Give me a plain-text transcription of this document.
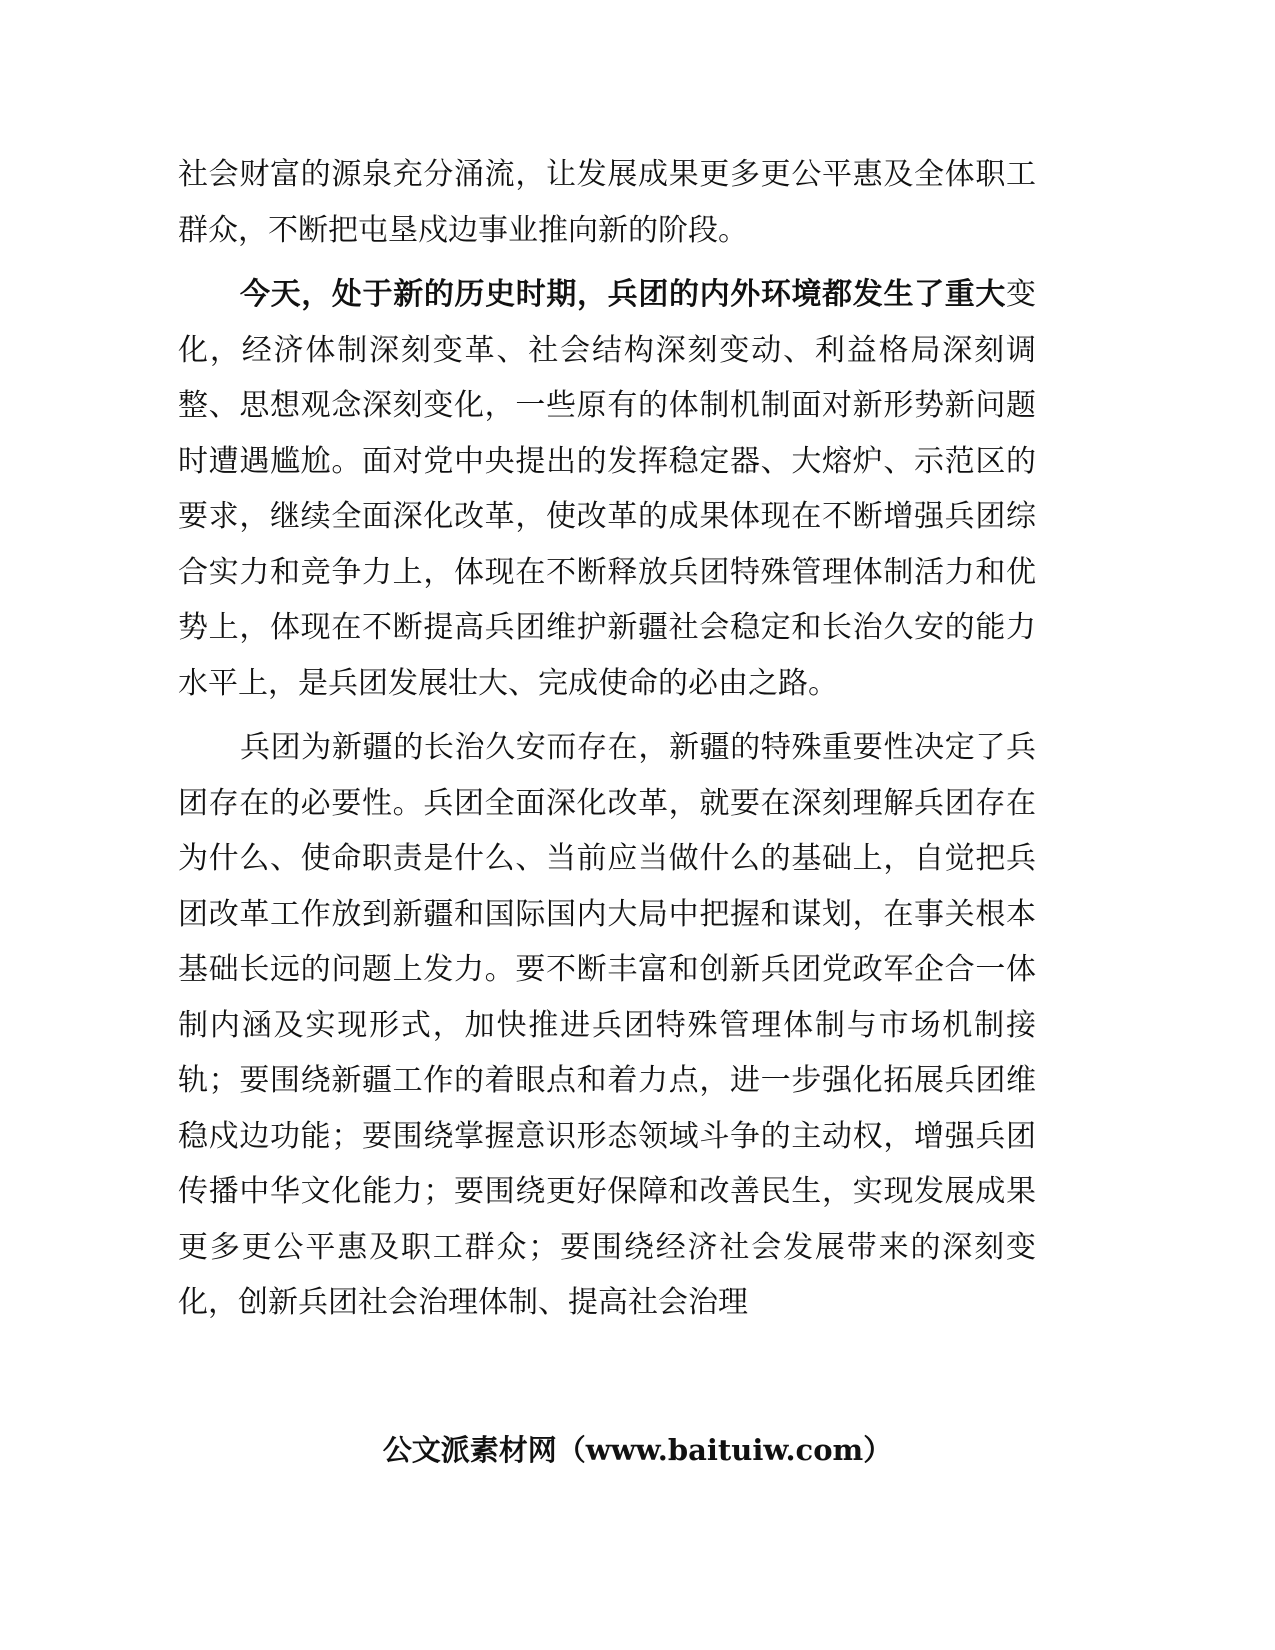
社会财富的源泉充分涌流，让发展成果更多更公平惠及全体职工群众，不断把屯垦戍边事业推向新的阶段。

今天，处于新的历史时期，兵团的内外环境都发生了重大变化，经济体制深刻变革、社会结构深刻变动、利益格局深刻调整、思想观念深刻变化，一些原有的体制机制面对新形势新问题时遭遇尴尬。面对党中央提出的发挥稳定器、大熔炉、示范区的要求，继续全面深化改革，使改革的成果体现在不断增强兵团综合实力和竞争力上，体现在不断释放兵团特殊管理体制活力和优势上，体现在不断提高兵团维护新疆社会稳定和长治久安的能力水平上，是兵团发展壮大、完成使命的必由之路。

兵团为新疆的长治久安而存在，新疆的特殊重要性决定了兵团存在的必要性。兵团全面深化改革，就要在深刻理解兵团存在为什么、使命职责是什么、当前应当做什么的基础上，自觉把兵团改革工作放到新疆和国际国内大局中把握和谋划，在事关根本基础长远的问题上发力。要不断丰富和创新兵团党政军企合一体制内涵及实现形式，加快推进兵团特殊管理体制与市场机制接轨；要围绕新疆工作的着眼点和着力点，进一步强化拓展兵团维稳戍边功能；要围绕掌握意识形态领域斗争的主动权，增强兵团传播中华文化能力；要围绕更好保障和改善民生，实现发展成果更多更公平惠及职工群众；要围绕经济社会发展带来的深刻变化，创新兵团社会治理体制、提高社会治理

公文派素材网（www.baituiw.com）
